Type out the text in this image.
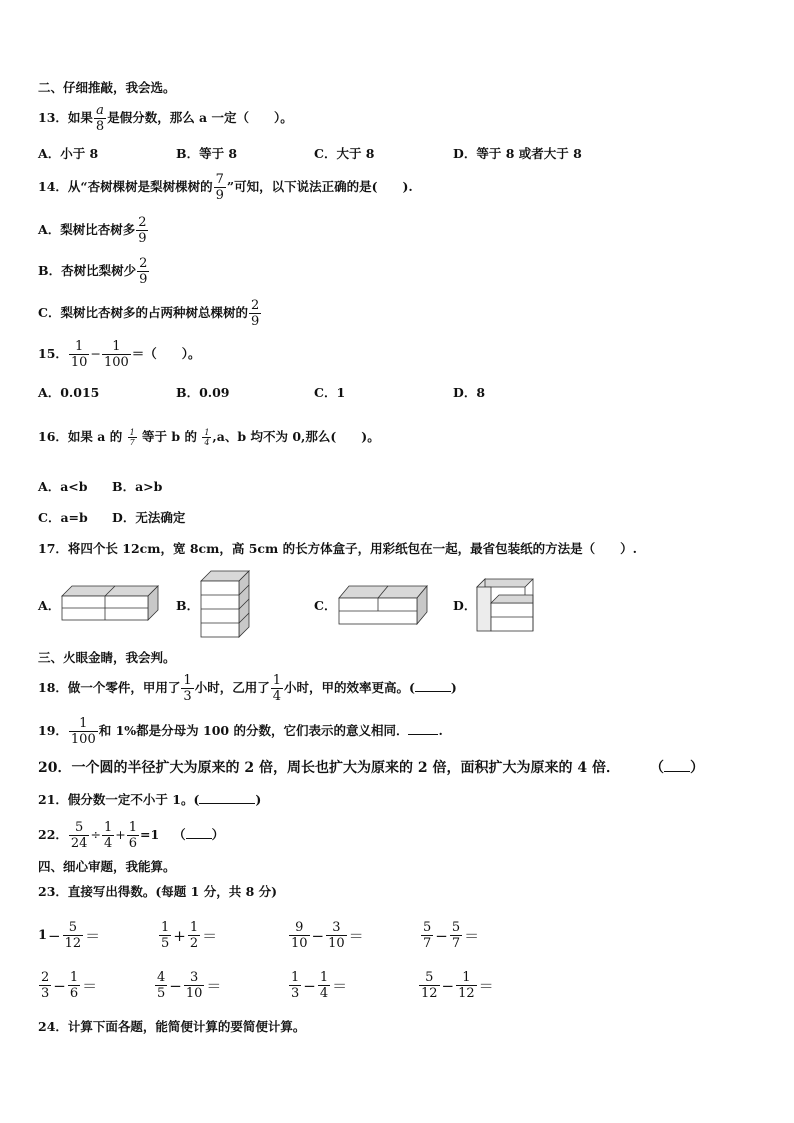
二、仔细推敲，我会选。
13．如果 $\frac{a}{8}$ 是假分数，那么 a 一定（　　）。
A．小于 8	B．等于 8	C．大于 8	D．等于 8 或者大于 8
14．从“杏树棵树是梨树棵树的 $\frac{7}{9}$ ”可知，以下说法正确的是(　　).
A．梨树比杏树多 $\frac{2}{9}$
B．杏树比梨树少 $\frac{2}{9}$
C．梨树比杏树多的占两种树总棵树的 $\frac{2}{9}$
15． $\frac{1}{10} - \frac{1}{100}$ ＝（　　）。
A．0.015	B．0.09	C．1	D．8
16．如果 a 的 $\frac{1}{7}$ 等于 b 的 $\frac{1}{4} ,a$、b 均不为 0,那么(　　)。
A．a<b B．a>b
C．a=b D．无法确定
17．将四个长 12cm，宽 8cm，高 5cm 的长方体盒子，用彩纸包在一起，最省包装纸的方法是（　　）.
A．	B．	C．	D．
三、火眼金睛，我会判。
18．做一个零件，甲用了 $\frac{1}{3}$ 小时，乙用了 $\frac{1}{4}$ 小时，甲的效率更高。(	)
19． $\frac{1}{100}$ 和 1%都是分母为 100 的分数，它们表示的意义相同． .
20．一个圆的半径扩大为原来的 2 倍，周长也扩大为原来的 2 倍，面积扩大为原来的 4 倍． （ ）
21．假分数一定不小于 1。(	)
22． $\frac{5}{24} \div \frac{1}{4} + \frac{1}{6} =1$ （ ）
四、细心审题，我能算。
23．直接写出得数。(每题 1 分，共 8 分)
$1- \frac{5}{12}$ ＝	$\frac{1}{5} + \frac{1}{2}$ ＝	$\frac{9}{10} - \frac{3}{10}$ ＝	$\frac{5}{7} - \frac{5}{7}$ ＝
$\frac{2}{3} - \frac{1}{6}$ ＝	$\frac{4}{5} - \frac{3}{10}$ ＝	$\frac{1}{3} - \frac{1}{4}$ ＝	$\frac{5}{12} - \frac{1}{12}$ ＝
24．计算下面各题，能简便计算的要简便计算。
